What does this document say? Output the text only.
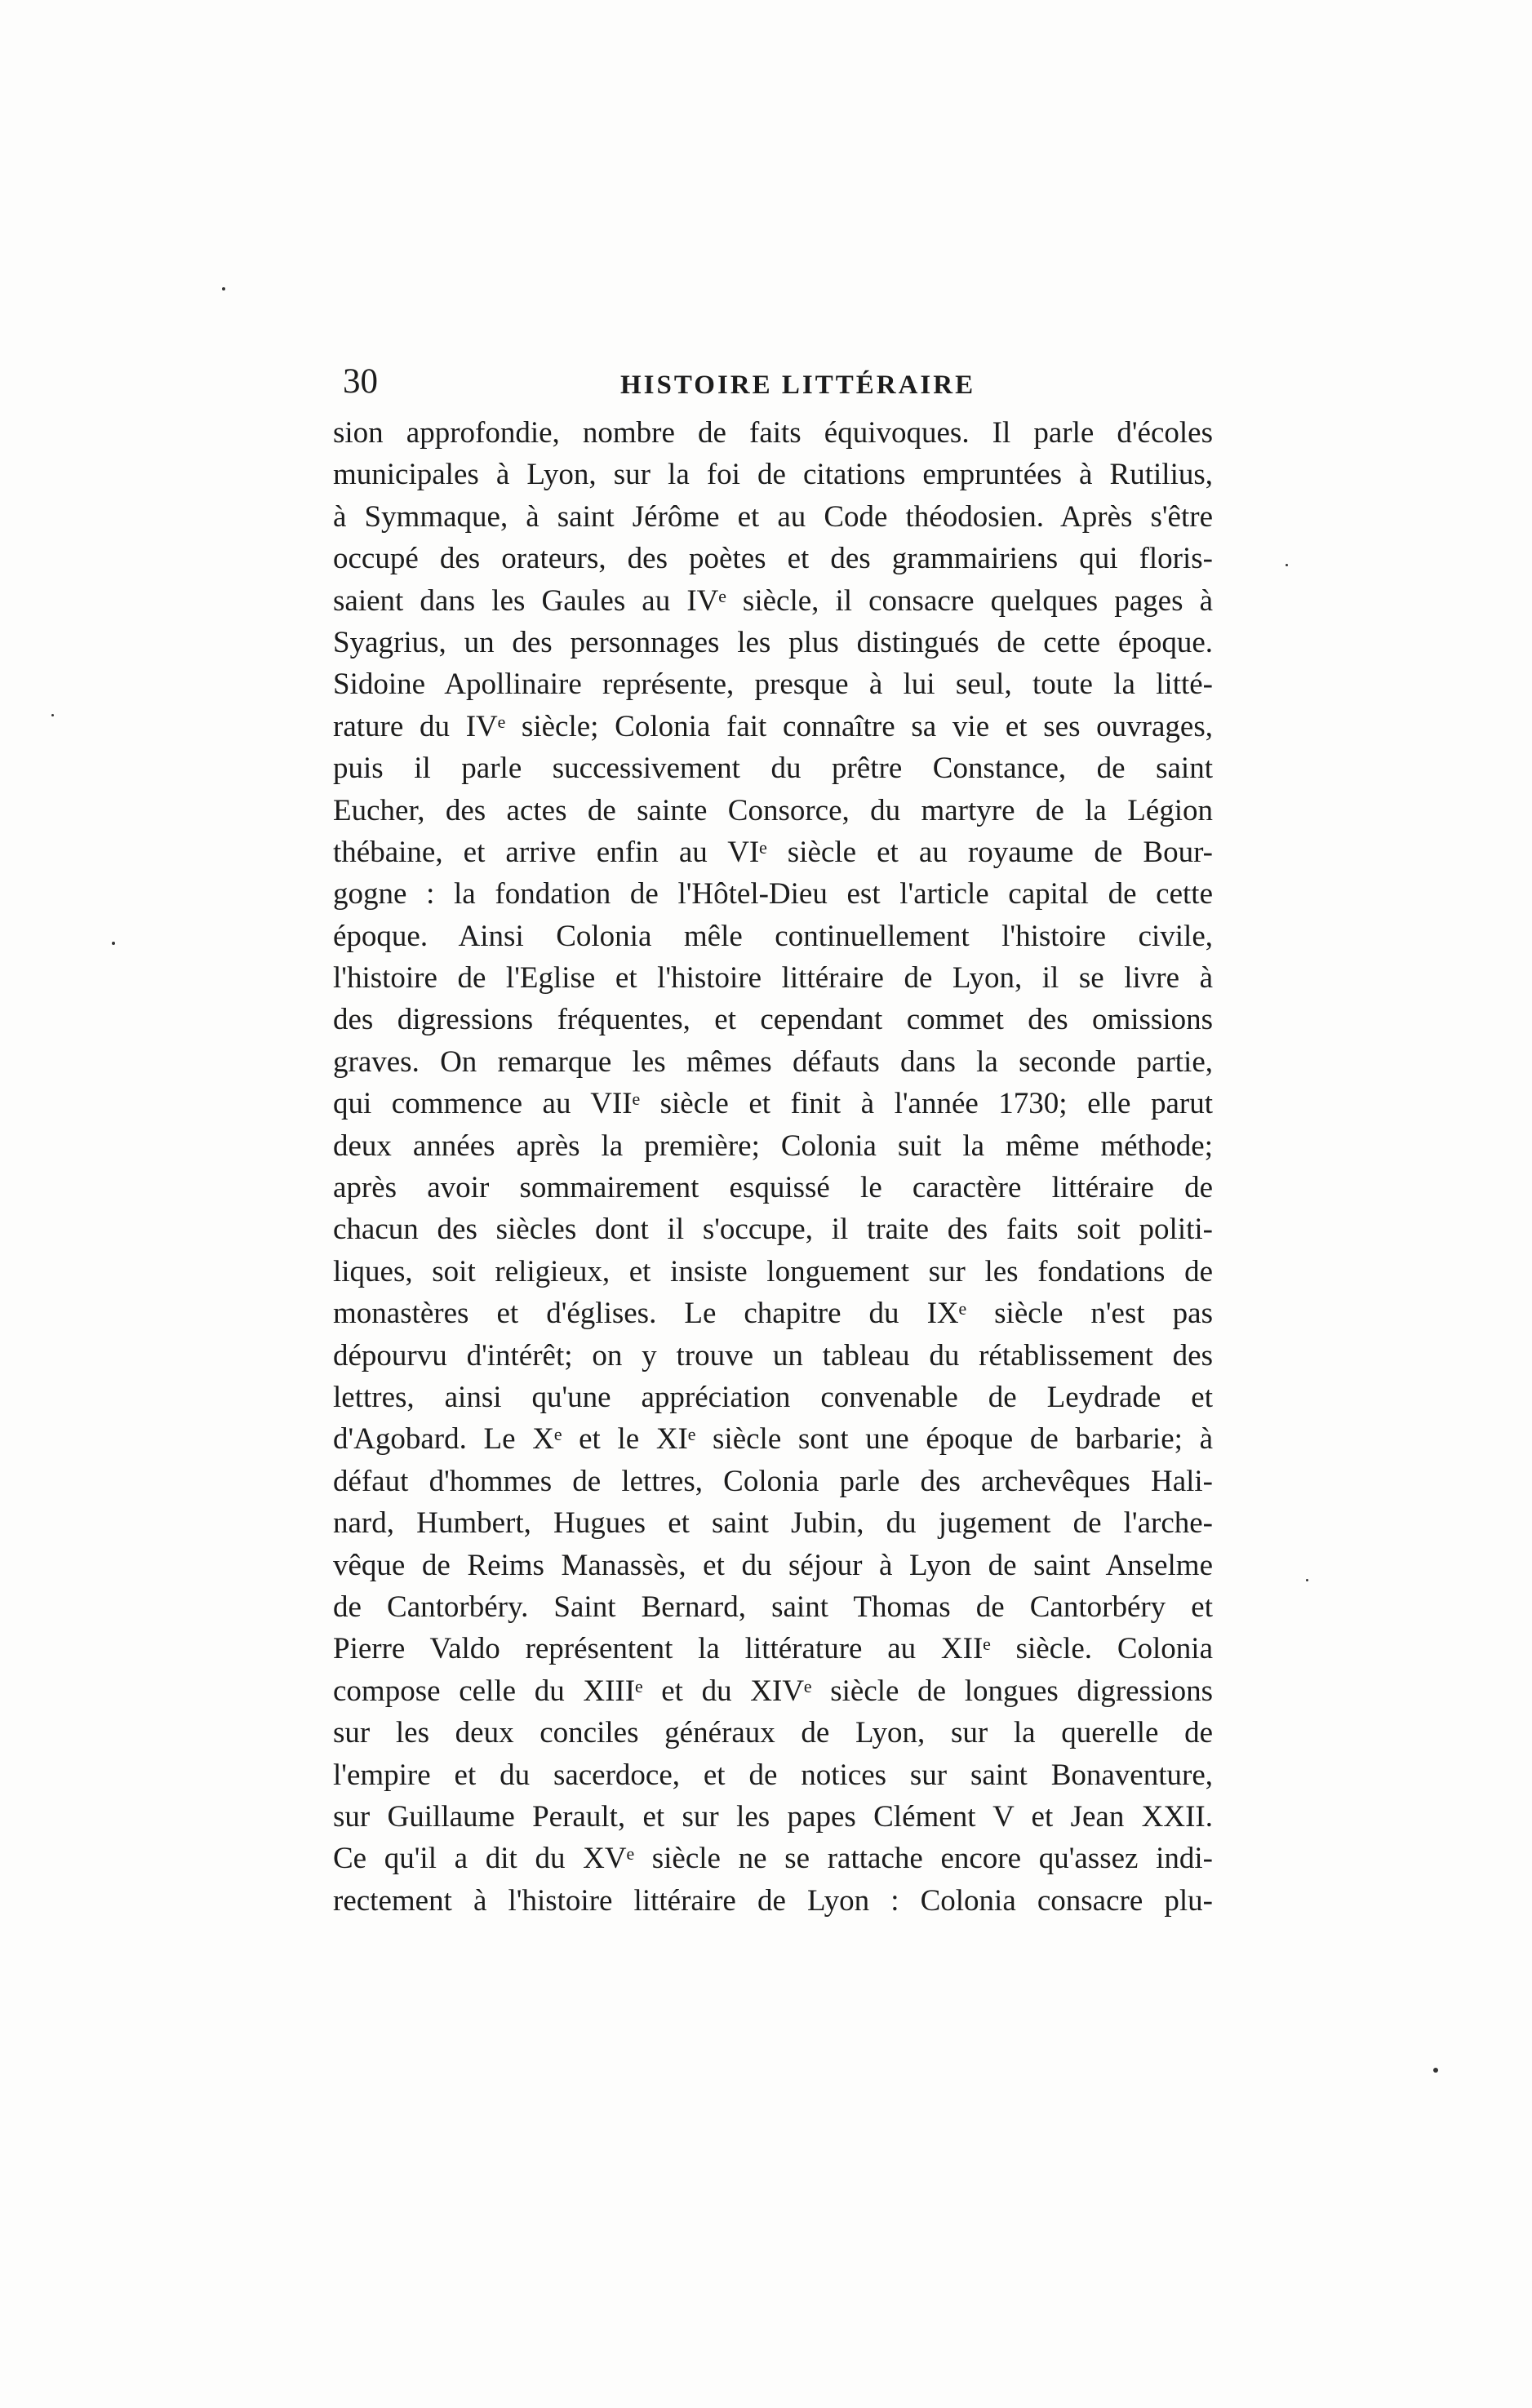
30	HISTOIRE LITTÉRAIRE
sion approfondie, nombre de faits équivoques. Il parle d'écoles
municipales à Lyon, sur la foi de citations empruntées à Rutilius,
à Symmaque, à saint Jérôme et au Code théodosien. Après s'être
occupé des orateurs, des poètes et des grammairiens qui floris-
saient dans les Gaules au IVᵉ siècle, il consacre quelques pages à
Syagrius, un des personnages les plus distingués de cette époque.
Sidoine Apollinaire représente, presque à lui seul, toute la litté-
rature du IVᵉ siècle; Colonia fait connaître sa vie et ses ouvrages,
puis il parle successivement du prêtre Constance, de saint
Eucher, des actes de sainte Consorce, du martyre de la Légion
thébaine, et arrive enfin au VIᵉ siècle et au royaume de Bour-
gogne : la fondation de l'Hôtel-Dieu est l'article capital de cette
époque. Ainsi Colonia mêle continuellement l'histoire civile,
l'histoire de l'Eglise et l'histoire littéraire de Lyon, il se livre à
des digressions fréquentes, et cependant commet des omissions
graves. On remarque les mêmes défauts dans la seconde partie,
qui commence au VIIᵉ siècle et finit à l'année 1730; elle parut
deux années après la première; Colonia suit la même méthode;
après avoir sommairement esquissé le caractère littéraire de
chacun des siècles dont il s'occupe, il traite des faits soit politi-
liques, soit religieux, et insiste longuement sur les fondations de
monastères et d'églises. Le chapitre du IXᵉ siècle n'est pas
dépourvu d'intérêt; on y trouve un tableau du rétablissement des
lettres, ainsi qu'une appréciation convenable de Leydrade et
d'Agobard. Le Xᵉ et le XIᵉ siècle sont une époque de barbarie; à
défaut d'hommes de lettres, Colonia parle des archevêques Hali-
nard, Humbert, Hugues et saint Jubin, du jugement de l'arche-
vêque de Reims Manassès, et du séjour à Lyon de saint Anselme
de Cantorbéry. Saint Bernard, saint Thomas de Cantorbéry et
Pierre Valdo représentent la littérature au XIIᵉ siècle. Colonia
compose celle du XIIIᵉ et du XIVᵉ siècle de longues digressions
sur les deux conciles généraux de Lyon, sur la querelle de
l'empire et du sacerdoce, et de notices sur saint Bonaventure,
sur Guillaume Perault, et sur les papes Clément V et Jean XXII.
Ce qu'il a dit du XVᵉ siècle ne se rattache encore qu'assez indi-
rectement à l'histoire littéraire de Lyon : Colonia consacre plu-
